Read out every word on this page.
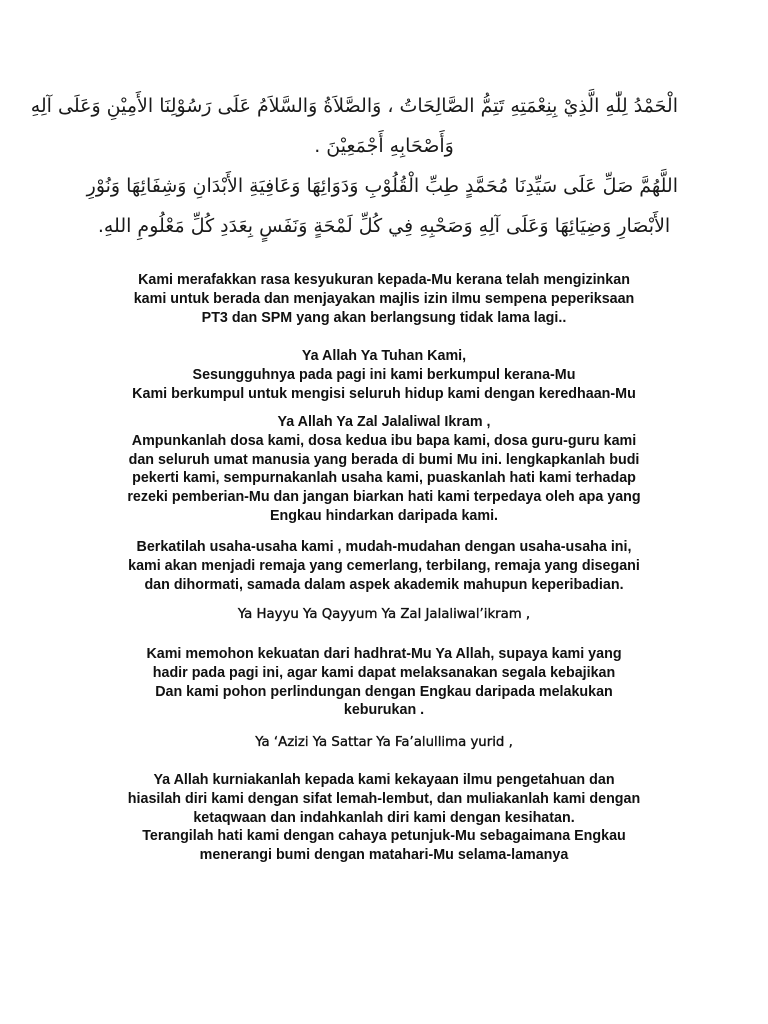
الْحَمْدُ لِلّٰهِ الَّذِيْ بِنِعْمَتِهِ تَتِمُّ الصَّالِحَاتُ ، وَالصَّلاَةُ وَالسَّلاَمُ عَلَى رَسُوْلِنَا الأَمِيْنِ وَعَلَى آلِهِ
وَأَصْحَابِهِ أَجْمَعِيْنَ .
اللَّهُمَّ صَلِّ عَلَى سَيِّدِنَا مُحَمَّدٍ طِبِّ الْقُلُوْبِ وَدَوَائِهَا وَعَافِيَةِ الأَبْدَانِ وَشِفَائِهَا وَنُوْرِ
الأَبْصَارِ وَضِيَائِهَا وَعَلَى آلِهِ وَصَحْبِهِ فِي كُلِّ لَمْحَةٍ وَنَفَسٍ بِعَدَدِ كُلِّ مَعْلُومِ اللهِ.
Kami merafakkan rasa kesyukuran kepada-Mu kerana telah mengizinkan
kami untuk berada dan menjayakan majlis izin ilmu sempena peperiksaan
PT3 dan SPM yang akan berlangsung tidak lama lagi..
Ya Allah Ya Tuhan Kami,
Sesungguhnya pada pagi ini kami berkumpul kerana-Mu
Kami berkumpul untuk mengisi seluruh hidup kami dengan keredhaan-Mu
Ya Allah Ya Zal Jalaliwal Ikram ,
Ampunkanlah dosa kami, dosa kedua ibu bapa kami, dosa guru-guru kami
dan seluruh umat manusia yang berada di bumi Mu ini. lengkapkanlah budi
pekerti kami, sempurnakanlah usaha kami, puaskanlah hati kami terhadap
rezeki pemberian-Mu dan jangan biarkan hati kami terpedaya oleh apa yang
Engkau hindarkan daripada kami.
Berkatilah usaha-usaha kami , mudah-mudahan dengan usaha-usaha ini,
kami akan menjadi remaja yang cemerlang, terbilang, remaja yang disegani
dan dihormati, samada dalam aspek akademik mahupun keperibadian.
Ya Hayyu Ya Qayyum Ya Zal Jalaliwal’ikram ,
Kami memohon kekuatan dari hadhrat-Mu Ya Allah, supaya kami yang
hadir pada pagi ini, agar kami dapat melaksanakan segala kebajikan
Dan kami pohon perlindungan dengan Engkau daripada melakukan
keburukan .
Ya ‘Azizi Ya Sattar Ya Fa’alullima yurid ,
Ya Allah kurniakanlah kepada kami kekayaan ilmu pengetahuan dan
hiasilah diri kami dengan sifat lemah-lembut, dan muliakanlah kami dengan
ketaqwaan dan indahkanlah diri kami dengan kesihatan.
Terangilah hati kami dengan cahaya petunjuk-Mu sebagaimana Engkau
menerangi bumi dengan matahari-Mu selama-lamanya
